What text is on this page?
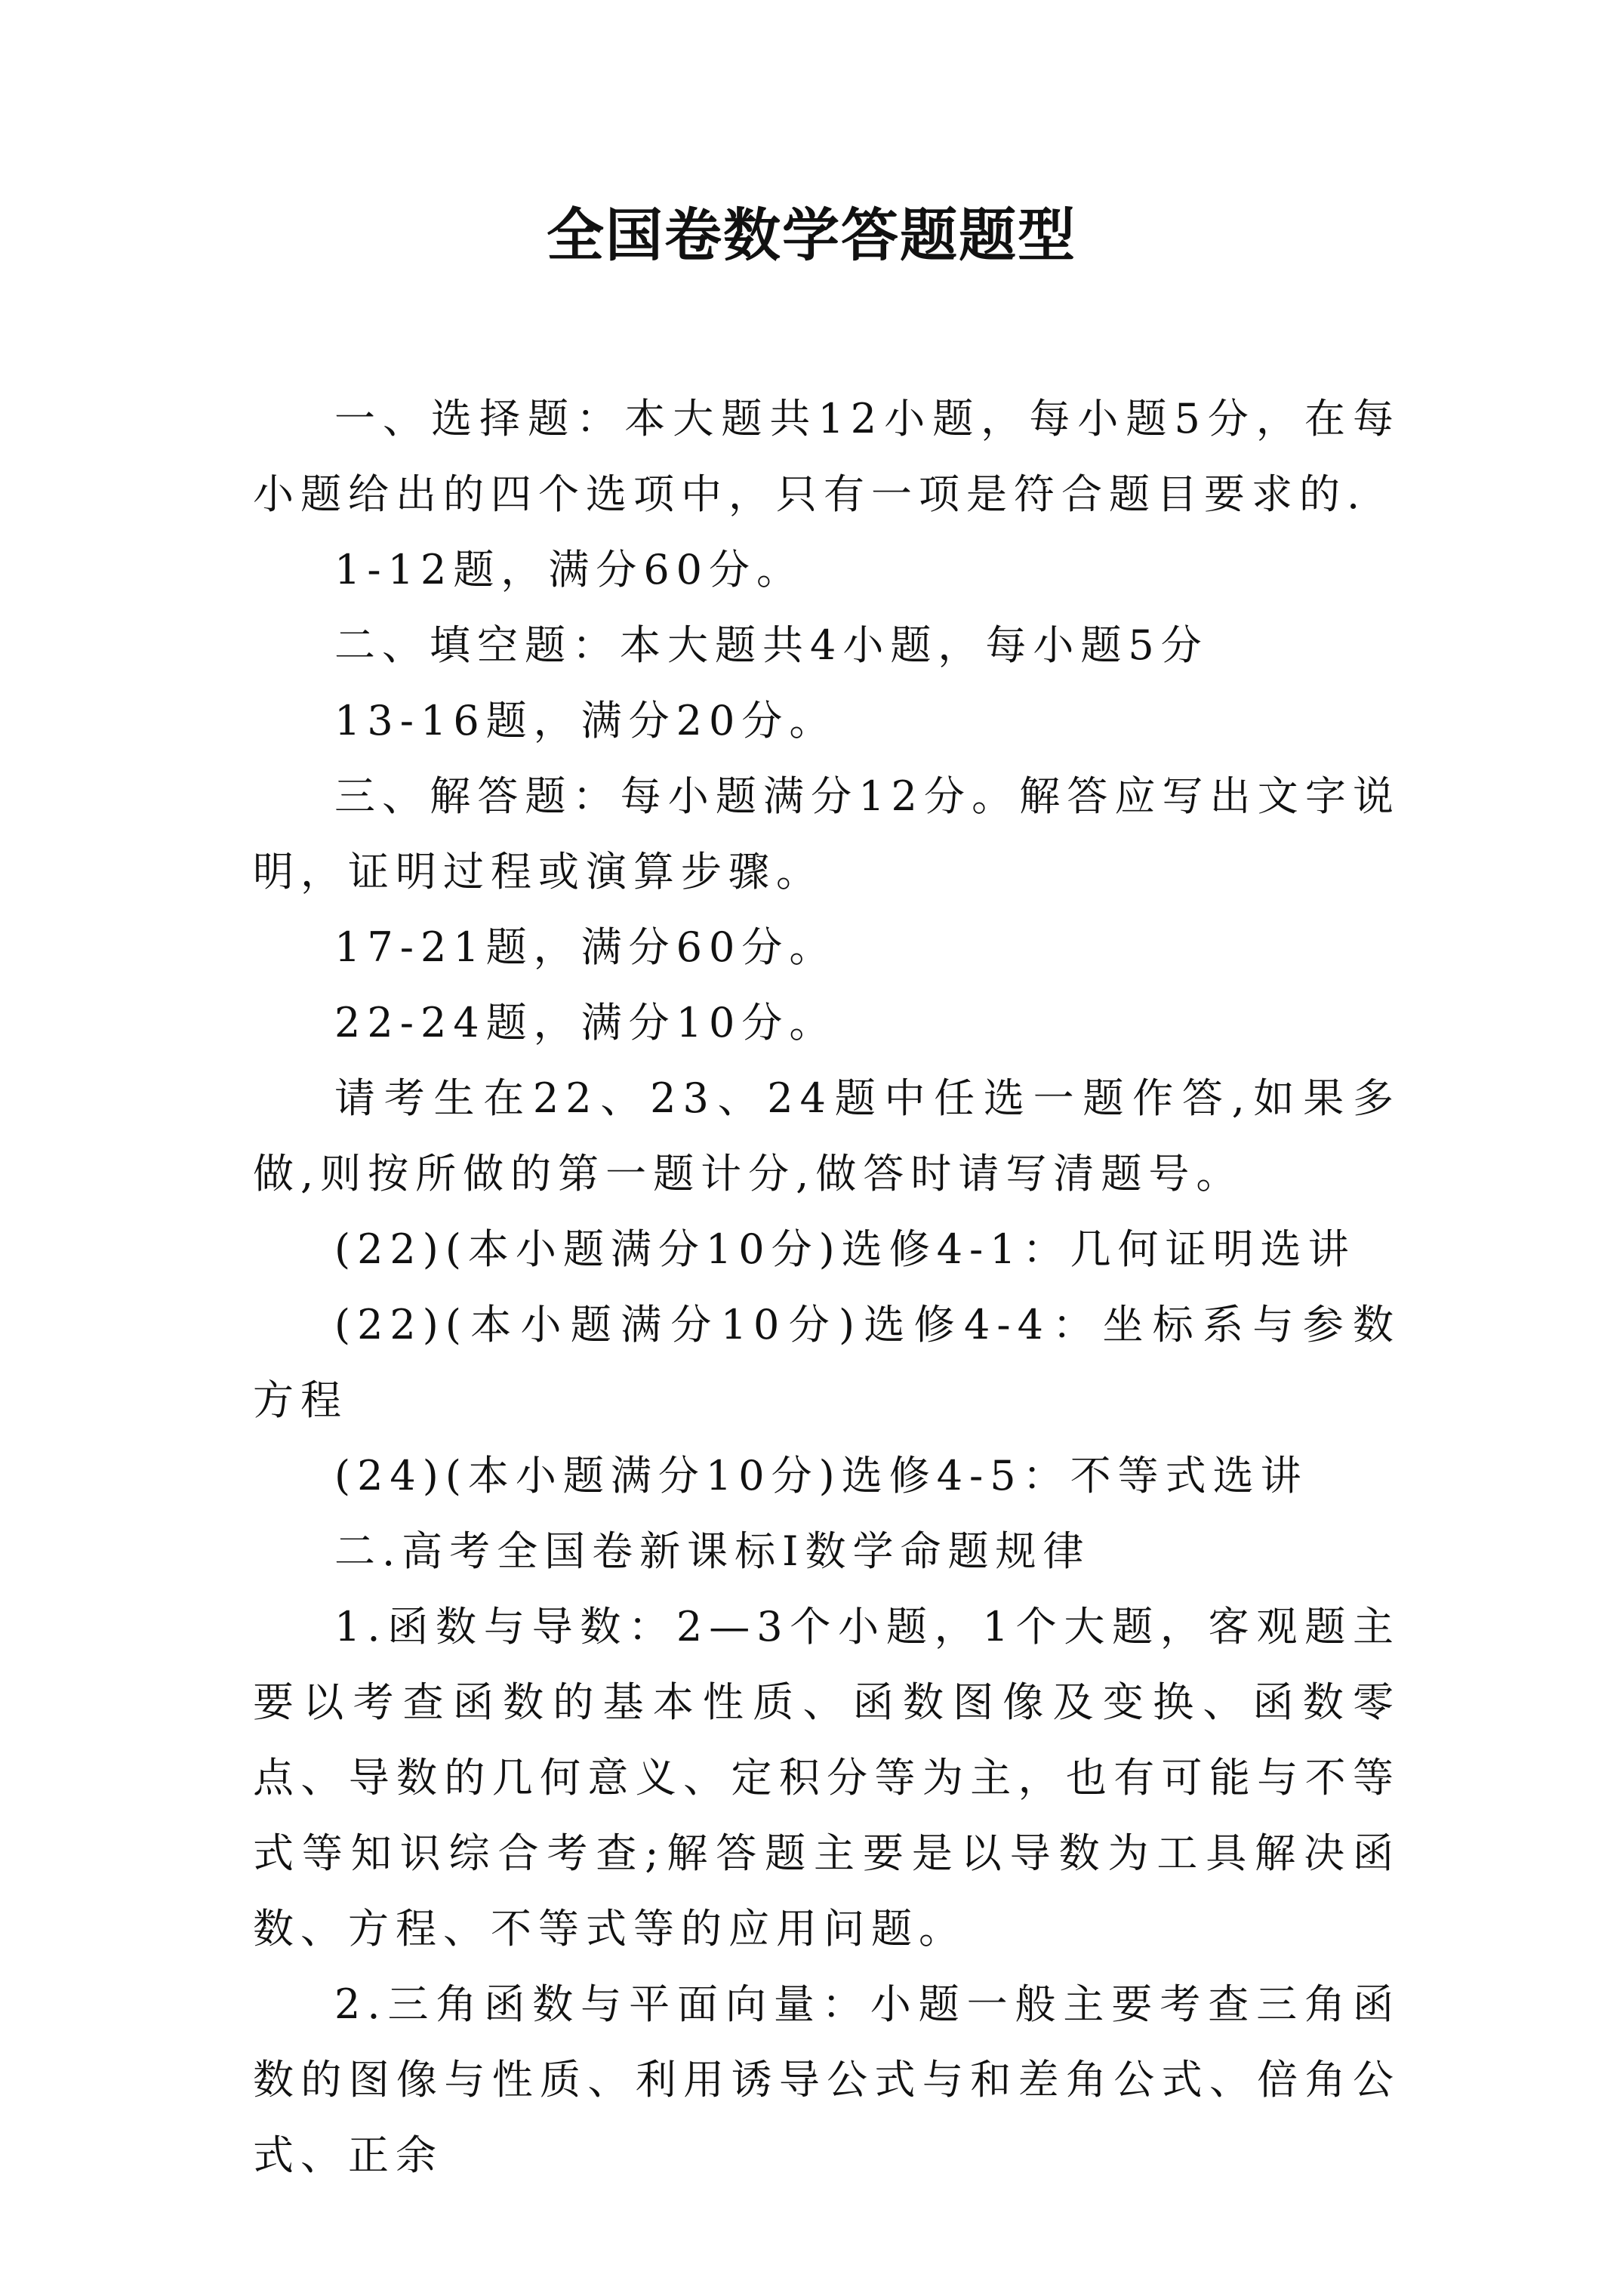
全国卷数学答题题型

一、选择题：本大题共12小题，每小题5分，在每小题给出的四个选项中，只有一项是符合题目要求的.

1-12题，满分60分。

二、填空题：本大题共4小题，每小题5分

13-16题，满分20分。

三、解答题：每小题满分12分。解答应写出文字说明，证明过程或演算步骤。

17-21题，满分60分。

22-24题，满分10分。

请考生在22、23、24题中任选一题作答,如果多做,则按所做的第一题计分,做答时请写清题号。

(22)(本小题满分10分)选修4-1：几何证明选讲

(22)(本小题满分10分)选修4-4：坐标系与参数方程

(24)(本小题满分10分)选修4-5：不等式选讲

二.高考全国卷新课标Ⅰ数学命题规律

1.函数与导数：2—3个小题，1个大题，客观题主要以考查函数的基本性质、函数图像及变换、函数零点、导数的几何意义、定积分等为主，也有可能与不等式等知识综合考查;解答题主要是以导数为工具解决函数、方程、不等式等的应用问题。

2.三角函数与平面向量：小题一般主要考查三角函数的图像与性质、利用诱导公式与和差角公式、倍角公式、正余
